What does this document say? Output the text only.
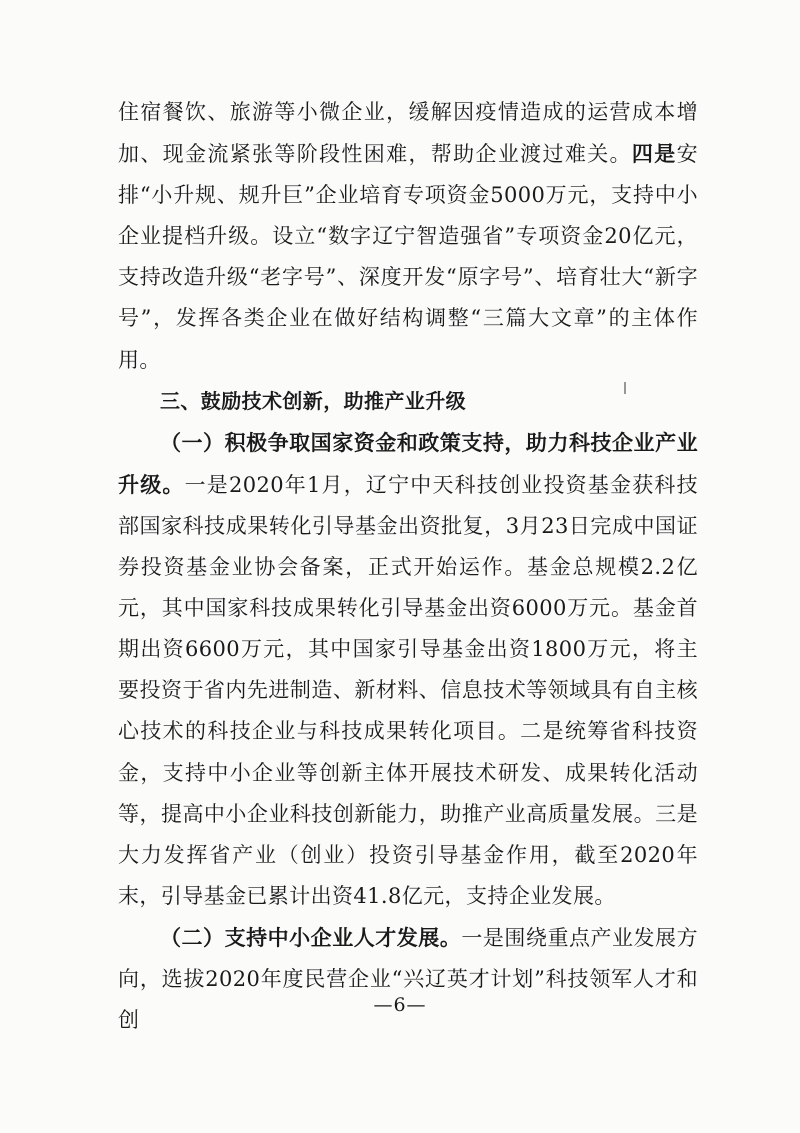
住宿餐饮、旅游等小微企业，缓解因疫情造成的运营成本增加、现金流紧张等阶段性困难，帮助企业渡过难关。四是安排“小升规、规升巨”企业培育专项资金5000万元，支持中小企业提档升级。设立“数字辽宁智造强省”专项资金20亿元，支持改造升级“老字号”、深度开发“原字号”、培育壮大“新字号”，发挥各类企业在做好结构调整“三篇大文章”的主体作用。

三、鼓励技术创新，助推产业升级

（一）积极争取国家资金和政策支持，助力科技企业产业升级。一是2020年1月，辽宁中天科技创业投资基金获科技部国家科技成果转化引导基金出资批复，3月23日完成中国证券投资基金业协会备案，正式开始运作。基金总规模2.2亿元，其中国家科技成果转化引导基金出资6000万元。基金首期出资6600万元，其中国家引导基金出资1800万元，将主要投资于省内先进制造、新材料、信息技术等领域具有自主核心技术的科技企业与科技成果转化项目。二是统筹省科技资金，支持中小企业等创新主体开展技术研发、成果转化活动等，提高中小企业科技创新能力，助推产业高质量发展。三是大力发挥省产业（创业）投资引导基金作用，截至2020年末，引导基金已累计出资41.8亿元，支持企业发展。

（二）支持中小企业人才发展。一是围绕重点产业发展方向，选拔2020年度民营企业“兴辽英才计划”科技领军人才和创

—6—
